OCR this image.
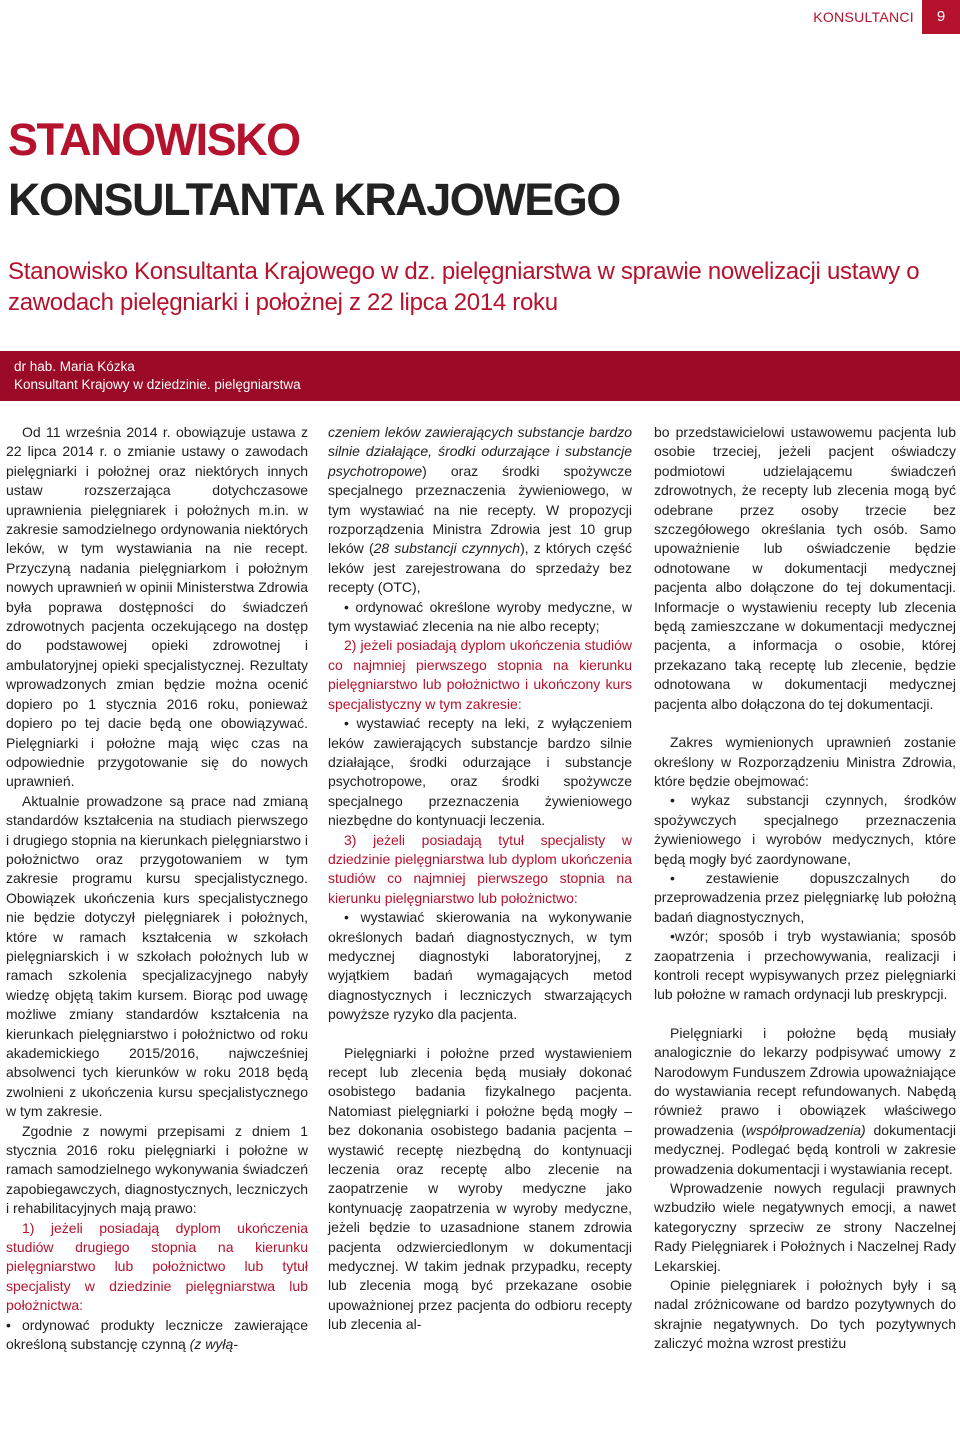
KONSULTANCI	9
STANOWISKO
KONSULTANTA KRAJOWEGO
Stanowisko Konsultanta Krajowego w dz. pielęgniarstwa w sprawie nowelizacji ustawy o zawodach pielęgniarki i położnej z 22 lipca 2014 roku
dr hab. Maria Kózka
Konsultant Krajowy w dziedzinie. pielęgniarstwa

Od 11 września 2014 r. obowiązuje ustawa z 22 lipca 2014 r. o zmianie ustawy o zawodach pielęgniarki i położnej oraz niektórych innych ustaw rozszerzająca dotychczasowe uprawnienia pielęgniarek i położnych m.in. w zakresie samodzielnego ordynowania niektórych leków, w tym wystawiania na nie recept. Przyczyną nadania pielęgniarkom i położnym nowych uprawnień w opinii Ministerstwa Zdrowia była poprawa dostępności do świadczeń zdrowotnych pacjenta oczekującego na dostęp do podstawowej opieki zdrowotnej i ambulatoryjnej opieki specjalistycznej. Rezultaty wprowadzonych zmian będzie można ocenić dopiero po 1 stycznia 2016 roku, ponieważ dopiero po tej dacie będą one obowiązywać. Pielęgniarki i położne mają więc czas na odpowiednie przygotowanie się do nowych uprawnień.

Aktualnie prowadzone są prace nad zmianą standardów kształcenia na studiach pierwszego i drugiego stopnia na kierunkach pielęgniarstwo i położnictwo oraz przygotowaniem w tym zakresie programu kursu specjalistycznego. Obowiązek ukończenia kurs specjalistycznego nie będzie dotyczył pielęgniarek i położnych, które w ramach kształcenia w szkołach pielęgniarskich i w szkołach położnych lub w ramach szkolenia specjalizacyjnego nabyły wiedzę objętą takim kursem. Biorąc pod uwagę możliwe zmiany standardów kształcenia na kierunkach pielęgniarstwo i położnictwo od roku akademickiego 2015/2016, najwcześniej absolwenci tych kierunków w roku 2018 będą zwolnieni z ukończenia kursu specjalistycznego w tym zakresie.

Zgodnie z nowymi przepisami z dniem 1 stycznia 2016 roku pielęgniarki i położne w ramach samodzielnego wykonywania świadczeń zapobiegawczych, diagnostycznych, leczniczych i rehabilitacyjnych mają prawo:

1) jeżeli posiadają dyplom ukończenia studiów drugiego stopnia na kierunku pielęgniarstwo lub położnictwo lub tytuł specjalisty w dziedzinie pielęgniarstwa lub położnictwa:

• ordynować produkty lecznicze zawierające określoną substancję czynną (z wyłą-

czeniem leków zawierających substancje bardzo silnie działające, środki odurzające i substancje psychotropowe) oraz środki spożywcze specjalnego przeznaczenia żywieniowego, w tym wystawiać na nie recepty. W propozycji rozporządzenia Ministra Zdrowia jest 10 grup leków (28 substancji czynnych), z których część leków jest zarejestrowana do sprzedaży bez recepty (OTC),

• ordynować określone wyroby medyczne, w tym wystawiać zlecenia na nie albo recepty;

2) jeżeli posiadają dyplom ukończenia studiów co najmniej pierwszego stopnia na kierunku pielęgniarstwo lub położnictwo i ukończony kurs specjalistyczny w tym zakresie:

• wystawiać recepty na leki, z wyłączeniem leków zawierających substancje bardzo silnie działające, środki odurzające i substancje psychotropowe, oraz środki spożywcze specjalnego przeznaczenia żywieniowego niezbędne do kontynuacji leczenia.

3) jeżeli posiadają tytuł specjalisty w dziedzinie pielęgniarstwa lub dyplom ukończenia studiów co najmniej pierwszego stopnia na kierunku pielęgniarstwo lub położnictwo:

• wystawiać skierowania na wykonywanie określonych badań diagnostycznych, w tym medycznej diagnostyki laboratoryjnej, z wyjątkiem badań wymagających metod diagnostycznych i leczniczych stwarzających powyższe ryzyko dla pacjenta.

Pielęgniarki i położne przed wystawieniem recept lub zlecenia będą musiały dokonać osobistego badania fizykalnego pacjenta. Natomiast pielęgniarki i położne będą mogły – bez dokonania osobistego badania pacjenta – wystawić receptę niezbędną do kontynuacji leczenia oraz receptę albo zlecenie na zaopatrzenie w wyroby medyczne jako kontynuację zaopatrzenia w wyroby medyczne, jeżeli będzie to uzasadnione stanem zdrowia pacjenta odzwierciedlonym w dokumentacji medycznej. W takim jednak przypadku, recepty lub zlecenia mogą być przekazane osobie upoważnionej przez pacjenta do odbioru recepty lub zlecenia al-

bo przedstawicielowi ustawowemu pacjenta lub osobie trzeciej, jeżeli pacjent oświadczy podmiotowi udzielającemu świadczeń zdrowotnych, że recepty lub zlecenia mogą być odebrane przez osoby trzecie bez szczegółowego określania tych osób. Samo upoważnienie lub oświadczenie będzie odnotowane w dokumentacji medycznej pacjenta albo dołączone do tej dokumentacji. Informacje o wystawieniu recepty lub zlecenia będą zamieszczane w dokumentacji medycznej pacjenta, a informacja o osobie, której przekazano taką receptę lub zlecenie, będzie odnotowana w dokumentacji medycznej pacjenta albo dołączona do tej dokumentacji.

Zakres wymienionych uprawnień zostanie określony w Rozporządzeniu Ministra Zdrowia, które będzie obejmować:

• wykaz substancji czynnych, środków spożywczych specjalnego przeznaczenia żywieniowego i wyrobów medycznych, które będą mogły być zaordynowane,

• zestawienie dopuszczalnych do przeprowadzenia przez pielęgniarkę lub położną badań diagnostycznych,

• wzór; sposób i tryb wystawiania; sposób zaopatrzenia i przechowywania, realizacji i kontroli recept wypisywanych przez pielęgniarki lub położne w ramach ordynacji lub preskrypcji.

Pielęgniarki i położne będą musiały analogicznie do lekarzy podpisywać umowy z Narodowym Funduszem Zdrowia upoważniające do wystawiania recept refundowanych. Nabędą również prawo i obowiązek właściwego prowadzenia (współprowadzenia) dokumentacji medycznej. Podlegać będą kontroli w zakresie prowadzenia dokumentacji i wystawiania recept.

Wprowadzenie nowych regulacji prawnych wzbudziło wiele negatywnych emocji, a nawet kategoryczny sprzeciw ze strony Naczelnej Rady Pielęgniarek i Położnych i Naczelnej Rady Lekarskiej.

Opinie pielęgniarek i położnych były i są nadal zróżnicowane od bardzo pozytywnych do skrajnie negatywnych. Do tych pozytywnych zaliczyć można wzrost prestiżu
